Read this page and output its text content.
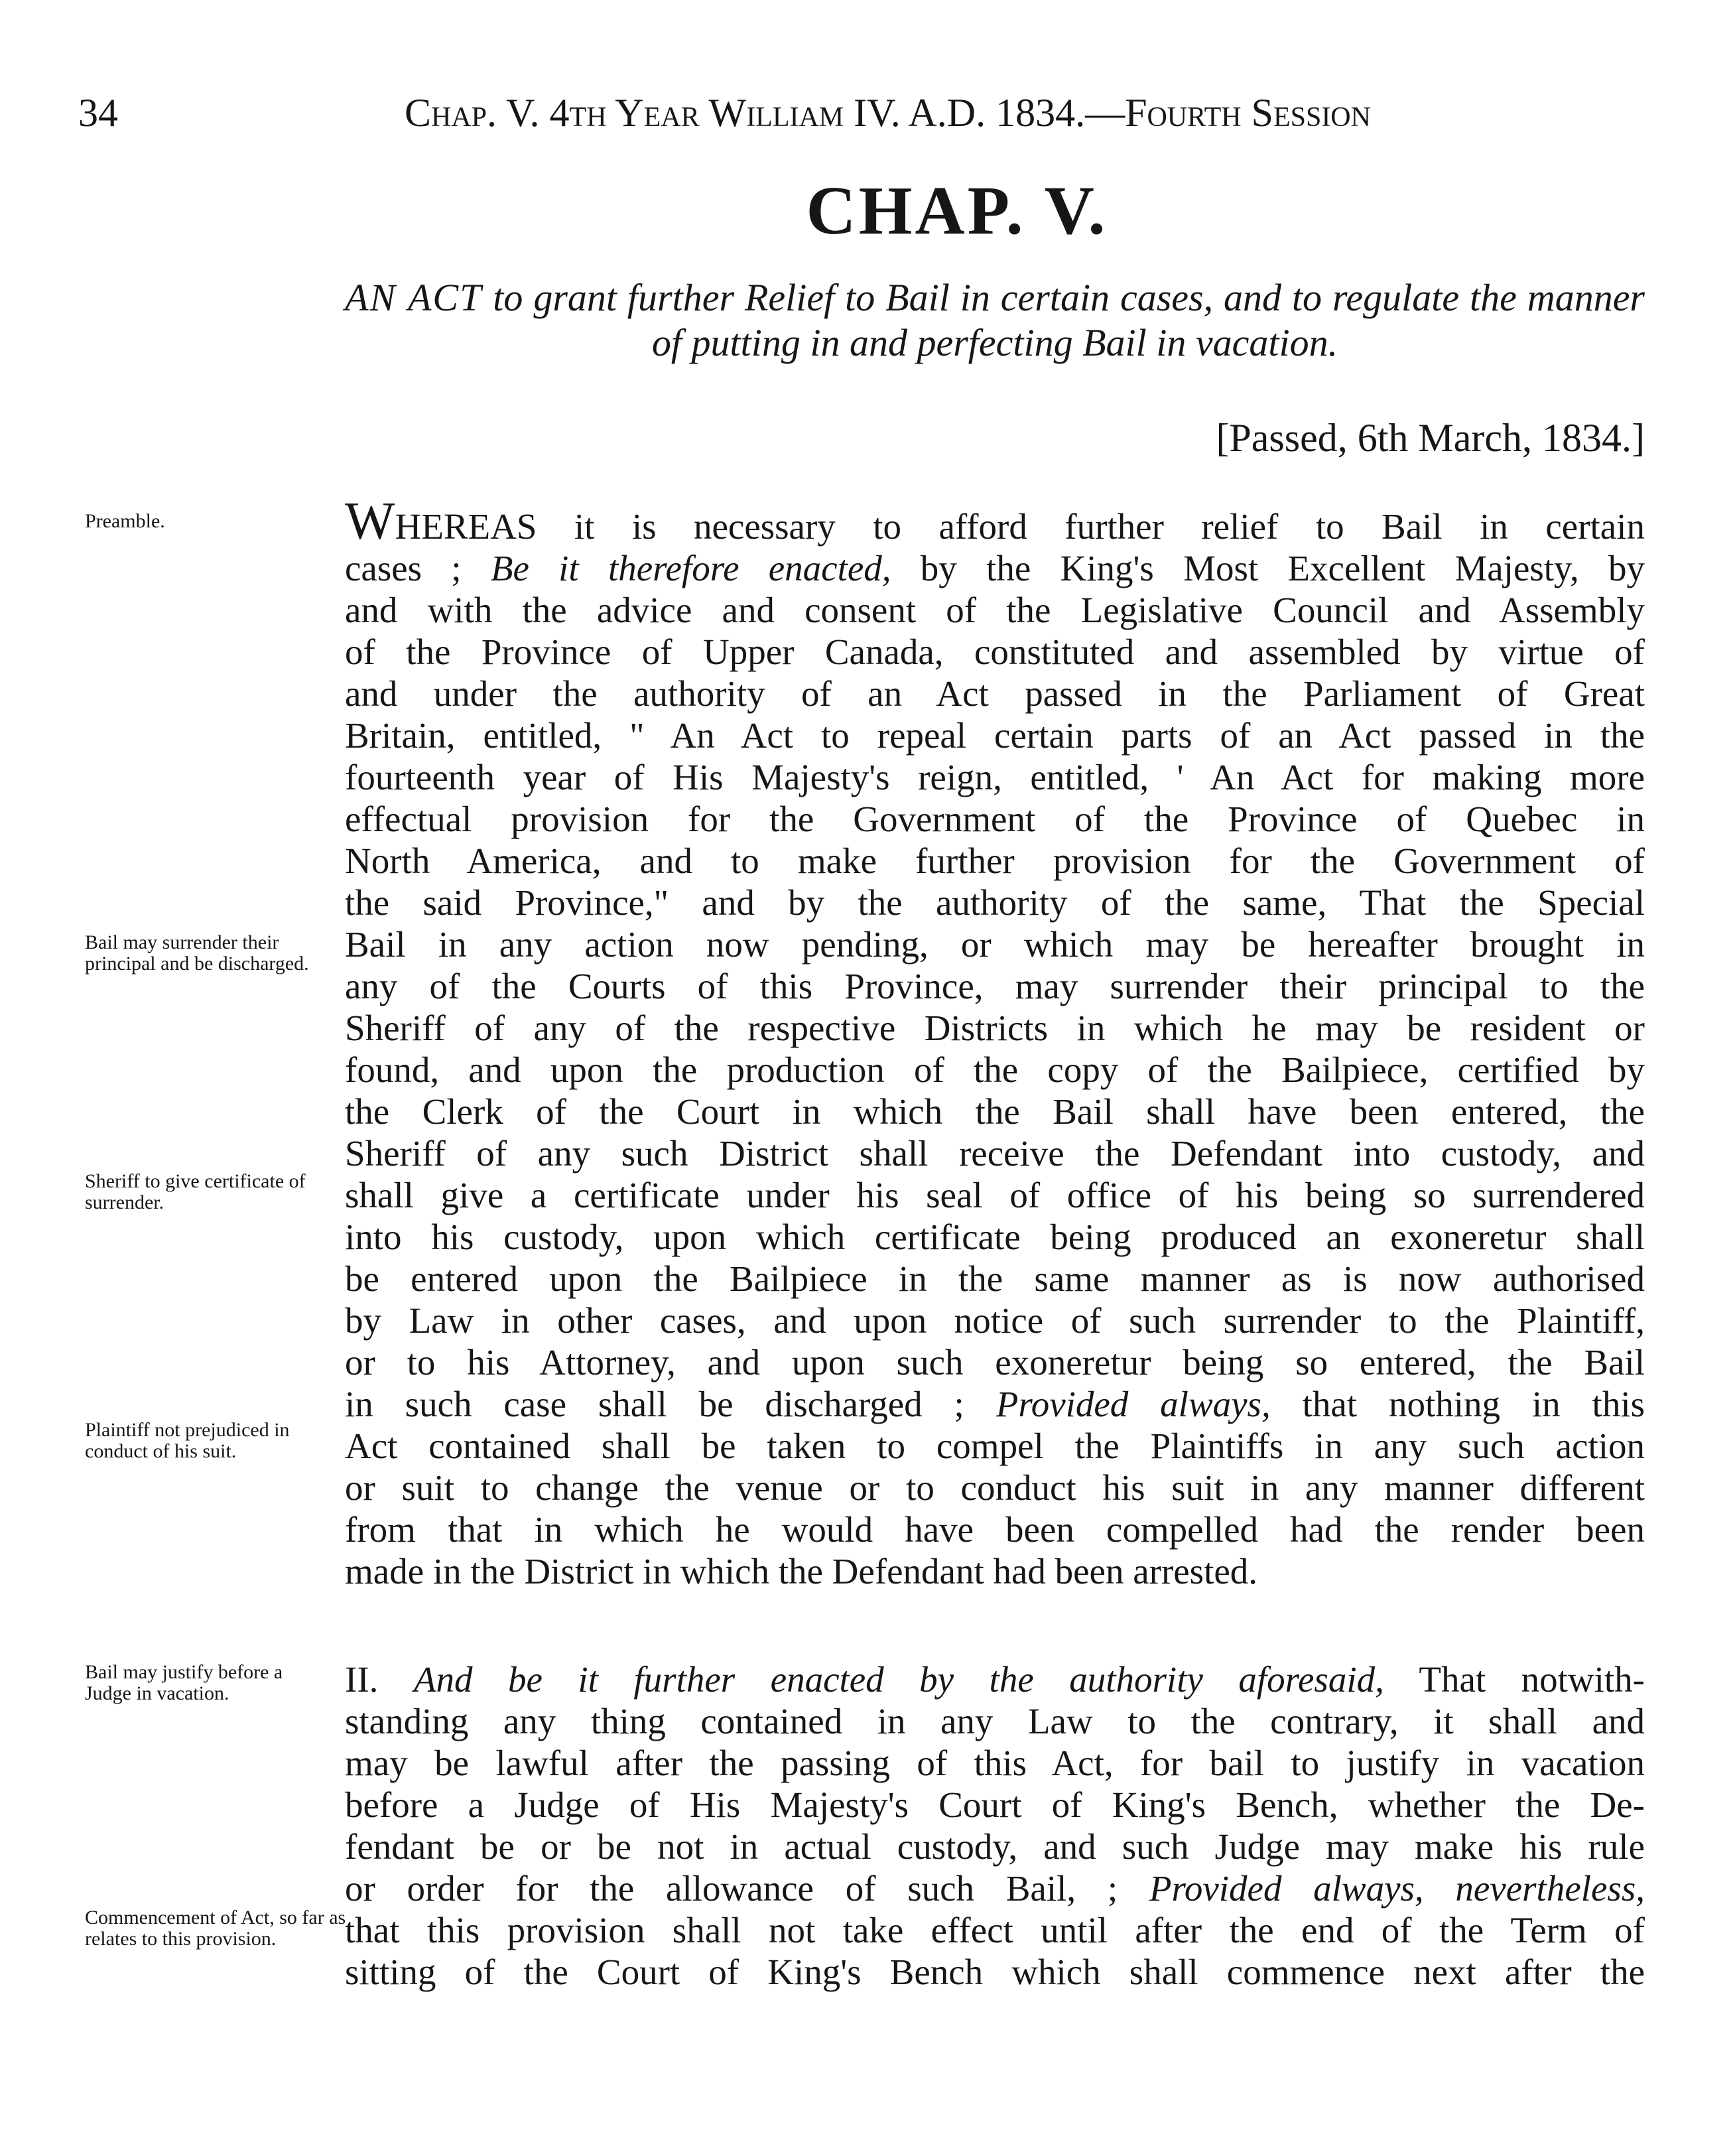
34	Chap. V. 4th Year William IV. A.D. 1834.—Fourth Session
CHAP. V.
AN ACT to grant further Relief to Bail in certain cases, and to regulate the manner of putting in and perfecting Bail in vacation.
[Passed, 6th March, 1834.]
Preamble.
Bail may surrender their principal and be discharged.
Sheriff to give certificate of surrender.
Plaintiff not prejudiced in conduct of his suit.
Bail may justify before a Judge in vacation.
Commencement of Act, so far as relates to this provision.
WHEREAS it is necessary to afford further relief to Bail in certain
cases ; Be it therefore enacted, by the King's Most Excellent Majesty, by
and with the advice and consent of the Legislative Council and Assembly
of the Province of Upper Canada, constituted and assembled by virtue of
and under the authority of an Act passed in the Parliament of Great
Britain, entitled, " An Act to repeal certain parts of an Act passed in the
fourteenth year of His Majesty's reign, entitled, ' An Act for making more
effectual provision for the Government of the Province of Quebec in
North America, and to make further provision for the Government of
the said Province," and by the authority of the same, That the Special
Bail in any action now pending, or which may be hereafter brought in
any of the Courts of this Province, may surrender their principal to the
Sheriff of any of the respective Districts in which he may be resident or
found, and upon the production of the copy of the Bailpiece, certified by
the Clerk of the Court in which the Bail shall have been entered, the
Sheriff of any such District shall receive the Defendant into custody, and
shall give a certificate under his seal of office of his being so surrendered
into his custody, upon which certificate being produced an exoneretur shall
be entered upon the Bailpiece in the same manner as is now authorised
by Law in other cases, and upon notice of such surrender to the Plaintiff,
or to his Attorney, and upon such exoneretur being so entered, the Bail
in such case shall be discharged ; Provided always, that nothing in this
Act contained shall be taken to compel the Plaintiffs in any such action
or suit to change the venue or to conduct his suit in any manner different
from that in which he would have been compelled had the render been
made in the District in which the Defendant had been arrested.
II. And be it further enacted by the authority aforesaid, That notwith-
standing any thing contained in any Law to the contrary, it shall and
may be lawful after the passing of this Act, for bail to justify in vacation
before a Judge of His Majesty's Court of King's Bench, whether the De-
fendant be or be not in actual custody, and such Judge may make his rule
or order for the allowance of such Bail, ; Provided always, nevertheless,
that this provision shall not take effect until after the end of the Term of
sitting of the Court of King's Bench which shall commence next after the
